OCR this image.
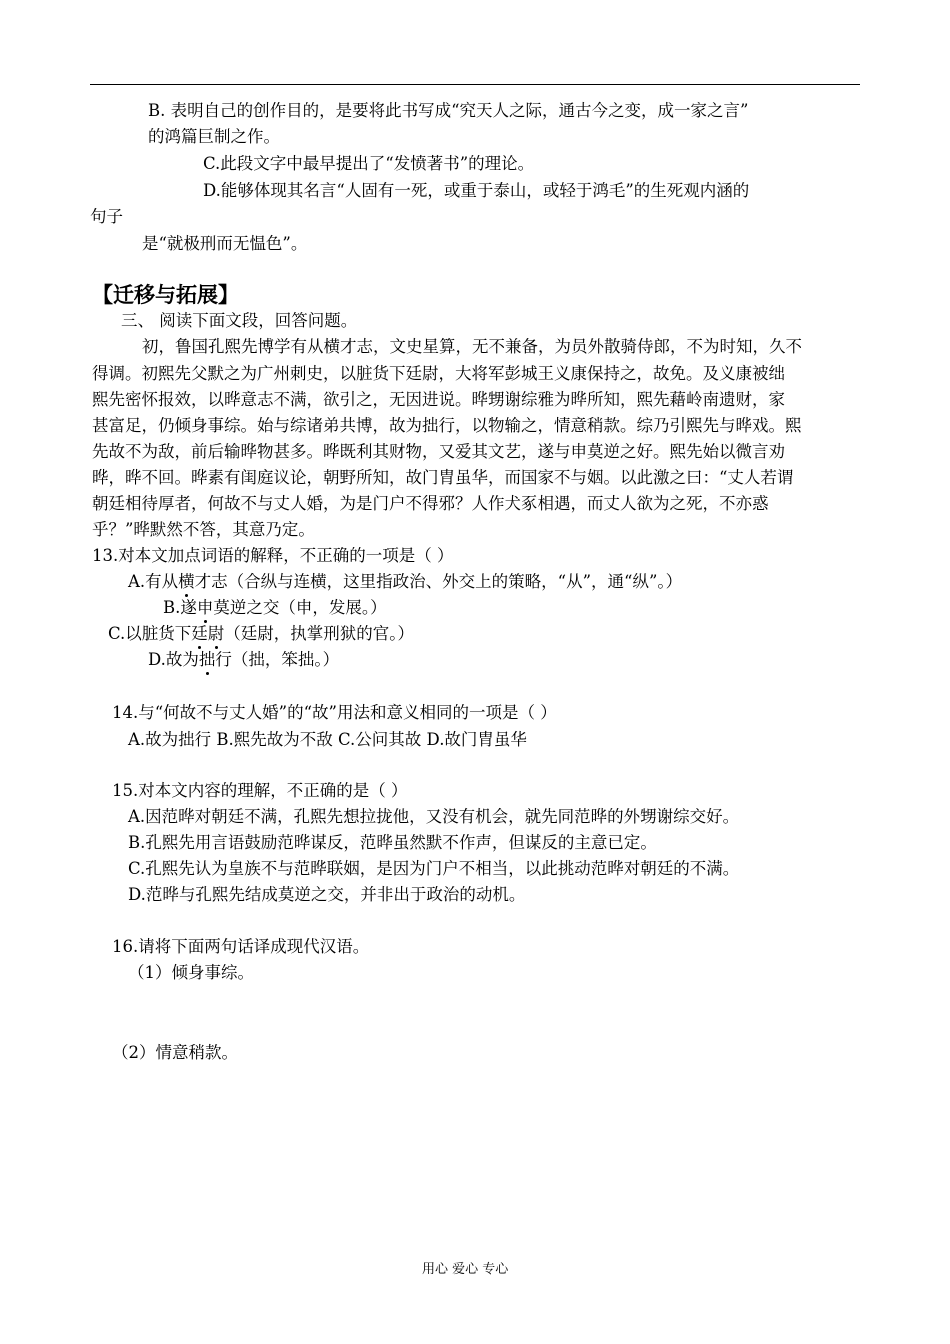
B. 表明自己的创作目的，是要将此书写成“究天人之际，通古今之变，成一家之言”
的鸿篇巨制之作。
C.此段文字中最早提出了“发愤著书”的理论。
D.能够体现其名言“人固有一死，或重于泰山，或轻于鸿毛”的生死观内涵的
句子
是“就极刑而无愠色”。
【迁移与拓展】
三、 阅读下面文段，回答问题。
初，鲁国孔熙先博学有从横才志，文史星算，无不兼备，为员外散骑侍郎，不为时知，久不
得调。初熙先父默之为广州刺史，以脏货下廷尉，大将军彭城王义康保持之，故免。及义康被绌
熙先密怀报效，以晔意志不满，欲引之，无因进说。晔甥谢综雅为晔所知，熙先藉岭南遗财，家
甚富足，仍倾身事综。始与综诸弟共博，故为拙行，以物输之，情意稍款。综乃引熙先与晔戏。熙
先故不为敌，前后输晔物甚多。晔既利其财物，又爱其文艺，遂与申莫逆之好。熙先始以微言劝
晔，晔不回。晔素有闺庭议论，朝野所知，故门胄虽华，而国家不与姻。以此激之曰：“丈人若谓
朝廷相待厚者，何故不与丈人婚，为是门户不得邪？人作犬豖相遇，而丈人欲为之死，不亦惑
乎？”晔默然不答，其意乃定。
13.对本文加点词语的解释，不正确的一项是（ ）
A.有从横才志（合纵与连横，这里指政治、外交上的策略，“从”，通“纵”。）
B.遂申莫逆之交（申，发展。）
C.以脏货下廷尉（廷尉，执掌刑狱的官。）
D.故为拙行（拙，笨拙。）
14.与“何故不与丈人婚”的“故”用法和意义相同的一项是（ ）
A.故为拙行 B.熙先故为不敌 C.公问其故 D.故门胄虽华
15.对本文内容的理解，不正确的是（ ）
A.因范晔对朝廷不满，孔熙先想拉拢他，又没有机会，就先同范晔的外甥谢综交好。
B.孔熙先用言语鼓励范晔谋反，范晔虽然默不作声，但谋反的主意已定。
C.孔熙先认为皇族不与范晔联姻，是因为门户不相当，以此挑动范晔对朝廷的不满。
D.范晔与孔熙先结成莫逆之交，并非出于政治的动机。
16.请将下面两句话译成现代汉语。
（1）倾身事综。
（2）情意稍款。
用心 爱心 专心
